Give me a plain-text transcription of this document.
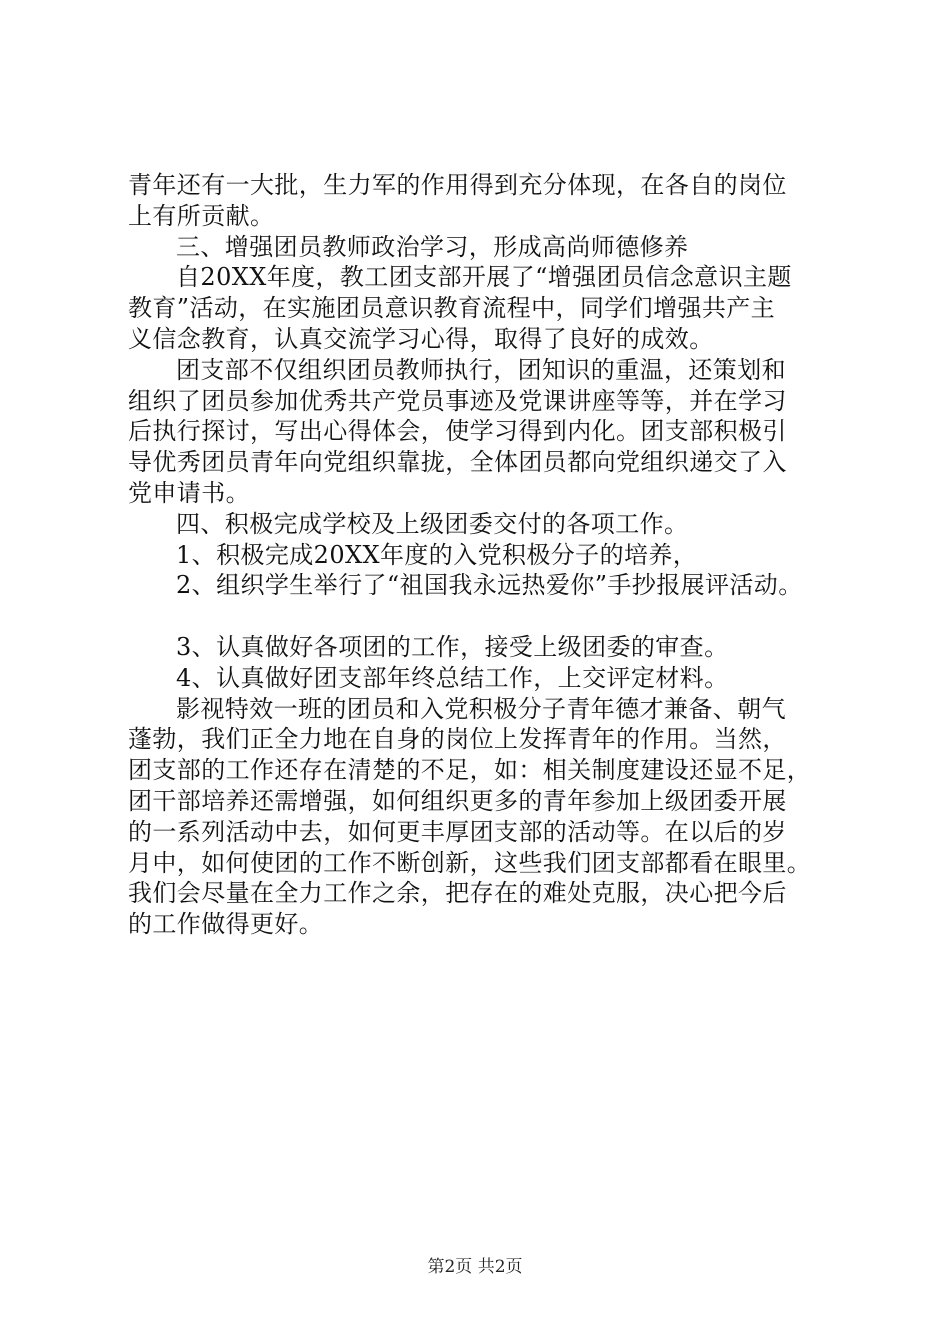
青年还有一大批，生力军的作用得到充分体现，在各自的岗位
上有所贡献。
三、增强团员教师政治学习，形成高尚师德修养
自20XX年度，教工团支部开展了“增强团员信念意识主题
教育”活动，在实施团员意识教育流程中，同学们增强共产主
义信念教育，认真交流学习心得，取得了良好的成效。
团支部不仅组织团员教师执行，团知识的重温，还策划和
组织了团员参加优秀共产党员事迹及党课讲座等等，并在学习
后执行探讨，写出心得体会，使学习得到内化。团支部积极引
导优秀团员青年向党组织靠拢，全体团员都向党组织递交了入
党申请书。
四、积极完成学校及上级团委交付的各项工作。
1、积极完成20XX年度的入党积极分子的培养，
2、组织学生举行了“祖国我永远热爱你”手抄报展评活动。
3、认真做好各项团的工作，接受上级团委的审查。
4、认真做好团支部年终总结工作，上交评定材料。
影视特效一班的团员和入党积极分子青年德才兼备、朝气
蓬勃，我们正全力地在自身的岗位上发挥青年的作用。当然，
团支部的工作还存在清楚的不足，如：相关制度建设还显不足，
团干部培养还需增强，如何组织更多的青年参加上级团委开展
的一系列活动中去，如何更丰厚团支部的活动等。在以后的岁
月中，如何使团的工作不断创新，这些我们团支部都看在眼里。
我们会尽量在全力工作之余，把存在的难处克服，决心把今后
的工作做得更好。
第2页 共2页
